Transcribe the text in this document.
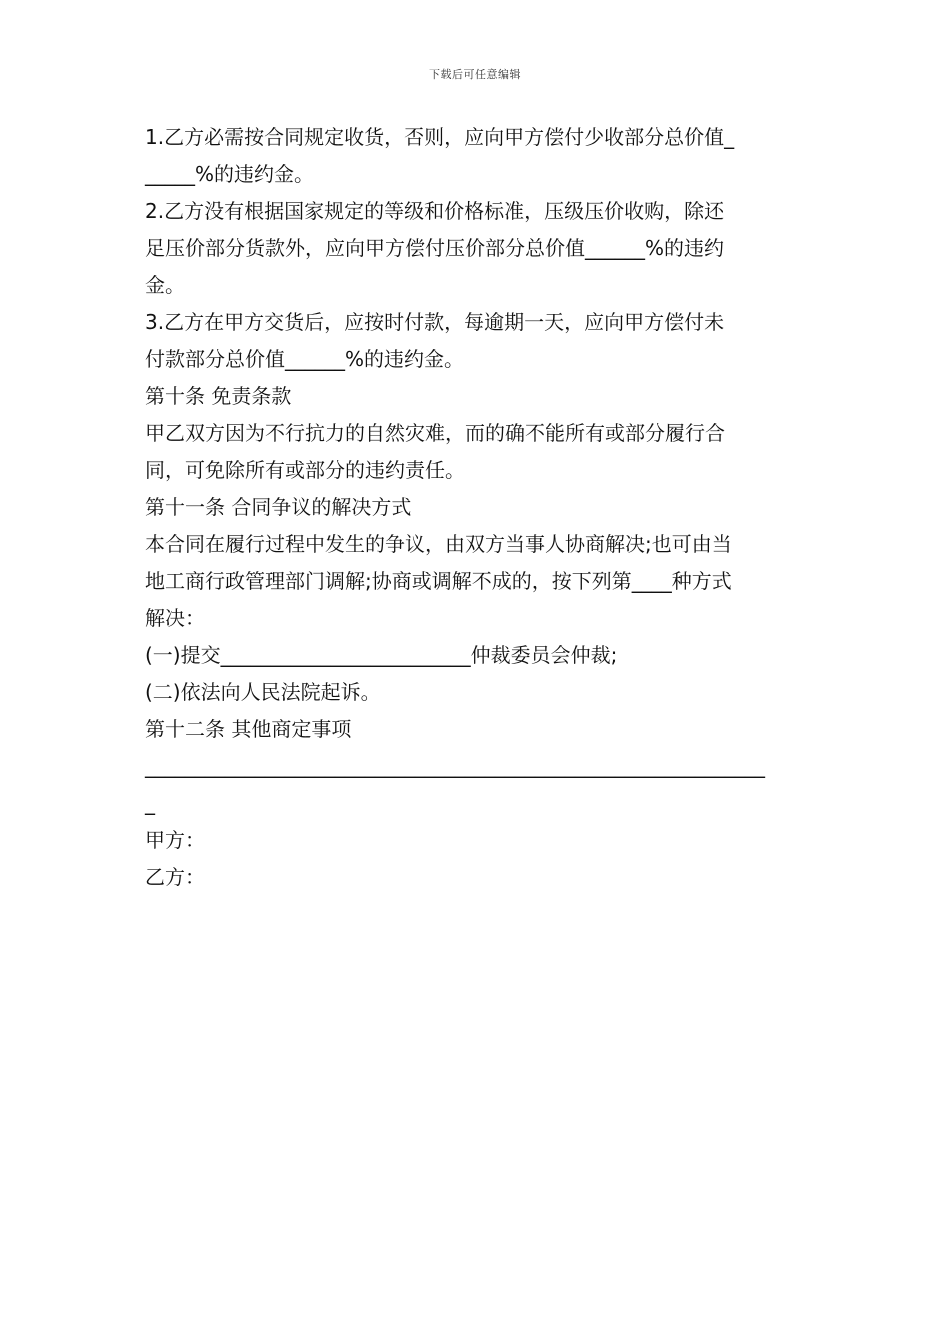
下载后可任意编辑

1.乙方必需按合同规定收货，否则，应向甲方偿付少收部分总价值_

_____%的违约金。

2.乙方没有根据国家规定的等级和价格标准，压级压价收购，除还

足压价部分货款外，应向甲方偿付压价部分总价值______%的违约

金。

3.乙方在甲方交货后，应按时付款，每逾期一天，应向甲方偿付未

付款部分总价值______%的违约金。

第十条 免责条款

甲乙双方因为不行抗力的自然灾难，而的确不能所有或部分履行合

同，可免除所有或部分的违约责任。

第十一条 合同争议的解决方式

本合同在履行过程中发生的争议，由双方当事人协商解决;也可由当

地工商行政管理部门调解;协商或调解不成的，按下列第____种方式

解决：

(一)提交_________________________仲裁委员会仲裁;

(二)依法向人民法院起诉。

第十二条 其他商定事项

______________________________________________________________

_

甲方：

乙方：
